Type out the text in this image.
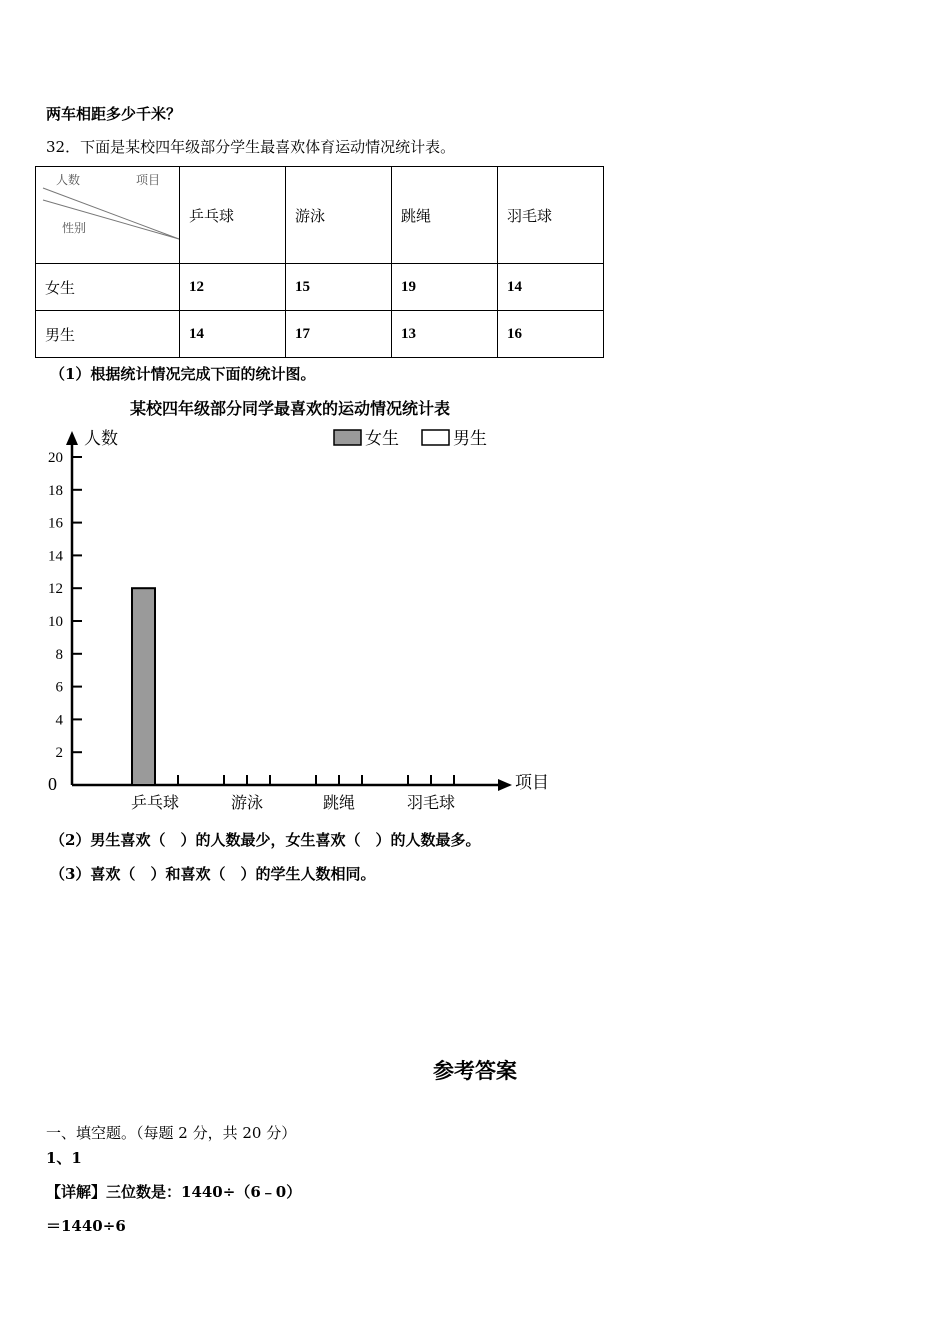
两车相距多少千米？
32．下面是某校四年级部分学生最喜欢体育运动情况统计表。
人数 项目
性别	乒乓球	游泳	跳绳	羽毛球
女生	12	15	19	14
男生	14	17	13	16
（1）根据统计情况完成下面的统计图。
某校四年级部分同学最喜欢的运动情况统计表
人数
项目
女生	男生
0
2
4
6
8
10
12
14
16
18
20
乒乓球	游泳	跳绳	羽毛球
（2）男生喜欢（　）的人数最少，女生喜欢（　）的人数最多。
（3）喜欢（　）和喜欢（　）的学生人数相同。
参考答案
一、填空题。（每题 2 分，共 20 分）
1、1
【详解】三位数是：1440÷（6﹣0）
＝1440÷6
